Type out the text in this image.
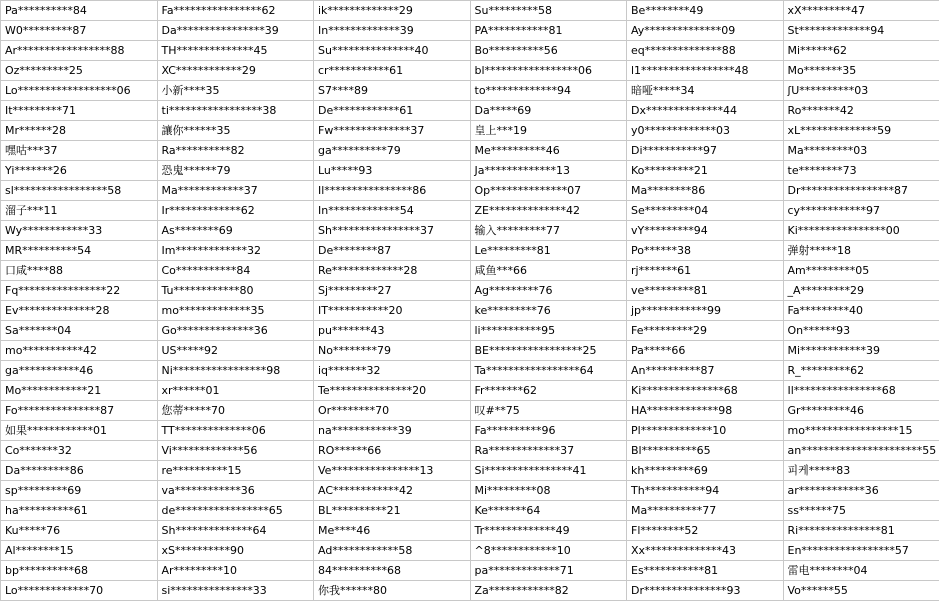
Pa**********84	Fa****************62	ik*************29	Su*********58	Be********49	xX*********47
W0*********87	Da****************39	In*************39	PA***********81	Ay**************09	St*************94
Ar*****************88	TH**************45	Su***************40	Bo**********56	eq**************88	Mi******62
Oz*********25	XC************29	cr***********61	bl*****************06	l1*****************48	Mo*******35
Lo******************06	小新****35	S7****89	to*************94	暗哑*****34	ʃU**********03
It*********71	ti*****************38	De************61	Da*****69	Dx**************44	Ro*******42
Mr******28	讓你******35	Fw**************37	皇上***19	y0*************03	xL**************59
嘿咕***37	Ra**********82	ga**********79	Me**********46	Di***********97	Ma*********03
Yi*******26	恐鬼******79	Lu*****93	Ja*************13	Ko*********21	te********73
sl*****************58	Ma************37	Il****************86	Op**************07	Ma********86	Dr*****************87
溜子***11	Ir*************62	In*************54	ZE**************42	Se*********04	cy************97
Wy************33	As********69	Sh****************37	输入*********77	vY*********94	Ki****************00
MR**********54	Im*************32	De********87	Le*********81	Po******38	弹射*****18
口咸****88	Co***********84	Re*************28	咸鱼***66	rj*******61	Am*********05
Fq****************22	Tu************80	Sj*********27	Ag*********76	ve*********81	_A*********29
Ev**************28	mo*************35	IT***********20	ke*********76	jp************99	Fa*********40
Sa*******04	Go**************36	pu*******43	li***********95	Fe*********29	On******93
mo***********42	US*****92	No********79	BE*****************25	Pa*****66	Mi************39
ga***********46	Ni*****************98	iq*******32	Ta*****************64	An**********87	R_*********62
Mo************21	xr******01	Te***************20	Fr*******62	Ki***************68	Il****************68
Fo***************87	您蒂*****70	Or********70	叹#**75	HA*************98	Gr*********46
如果************01	TT**************06	na************39	Fa**********96	Pl*************10	mo*****************15
Co*******32	Vi*************56	RO******66	Ra*************37	Bl**********65	an**********************55
Da*********86	re**********15	Ve****************13	Si****************41	kh*********69	피케*****83
sp*********69	va************36	AC************42	Mi*********08	Th***********94	ar************36
ha**********61	de*****************65	BL**********21	Ke*******64	Ma**********77	ss******75
Ku*****76	Sh**************64	Me****46	Tr*************49	Fl********52	Ri***************81
Al********15	xS**********90	Ad************58	^8************10	Xx**************43	En*****************57
bp**********68	Ar*********10	84**********68	pa*************71	Es***********81	雷电********04
Lo*************70	si***************33	你我******80	Za************82	Dr***************93	Vo******55
